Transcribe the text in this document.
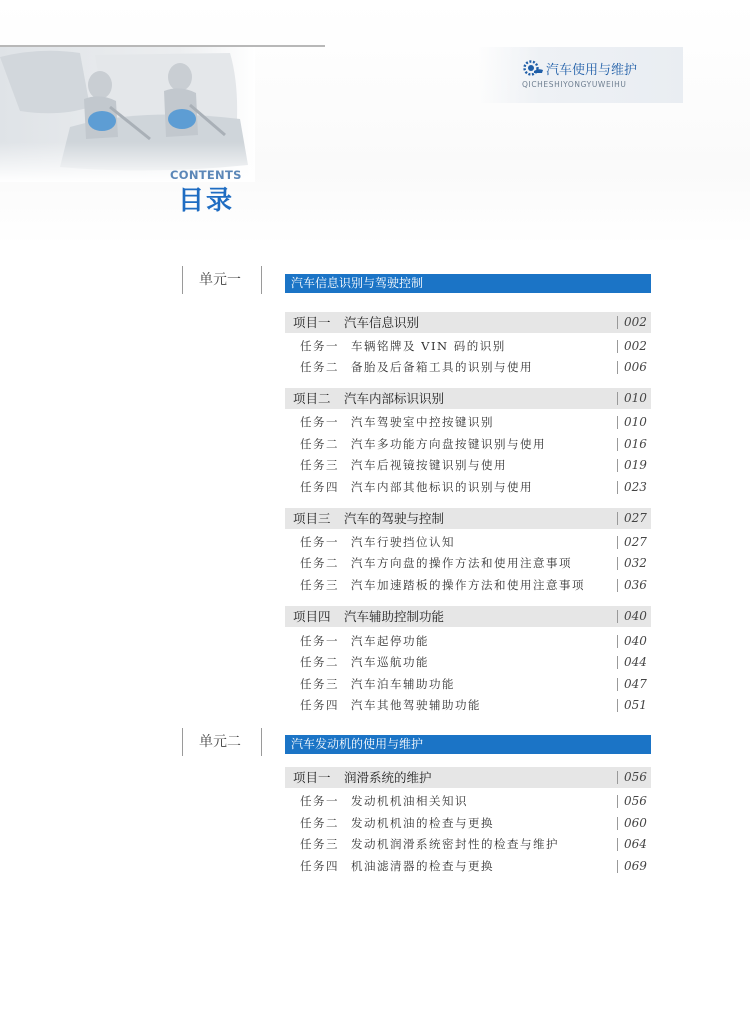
CONTENTS
目录
汽车使用与维护
QICHESHIYONGYUWEIHU
单元一	汽车信息识别与驾驶控制
项目一 汽车信息识别	002
任务一 车辆铭牌及 VIN 码的识别	002
任务二 备胎及后备箱工具的识别与使用	006
项目二 汽车内部标识识别	010
任务一 汽车驾驶室中控按键识别	010
任务二 汽车多功能方向盘按键识别与使用	016
任务三 汽车后视镜按键识别与使用	019
任务四 汽车内部其他标识的识别与使用	023
项目三 汽车的驾驶与控制	027
任务一 汽车行驶挡位认知	027
任务二 汽车方向盘的操作方法和使用注意事项	032
任务三 汽车加速踏板的操作方法和使用注意事项	036
项目四 汽车辅助控制功能	040
任务一 汽车起停功能	040
任务二 汽车巡航功能	044
任务三 汽车泊车辅助功能	047
任务四 汽车其他驾驶辅助功能	051
单元二	汽车发动机的使用与维护
项目一 润滑系统的维护	056
任务一 发动机机油相关知识	056
任务二 发动机机油的检查与更换	060
任务三 发动机润滑系统密封性的检查与维护	064
任务四 机油滤清器的检查与更换	069
